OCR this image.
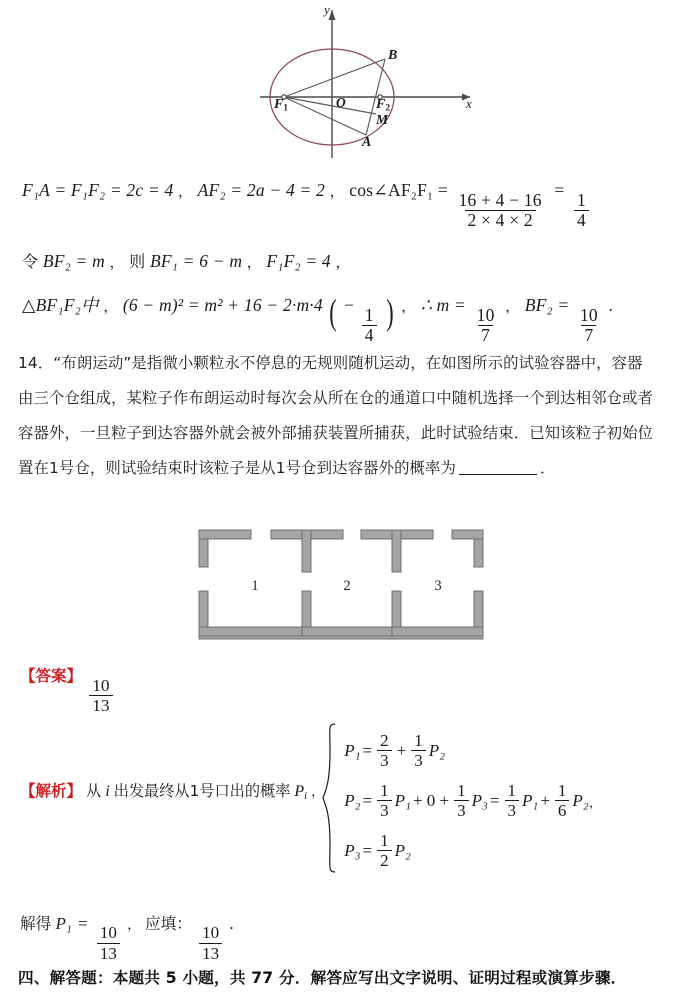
y
x
$F_1$	O $F_2$
B
M
A
F₁A = F₁F₂ = 2c = 4 ， AF₂ = 2a − 4 = 2 ， cos∠AF₂F₁ =
$\frac{16 + 4 - 16}{2 \times 4 \times 2}$
=
$\frac{1}{4}$
令 BF₂ = m ， 则 BF₁ = 6 − m ， F₁F₂ = 4 ，
△BF₁F₂中 ， (6 − m)² = m² + 16 − 2·m·4 ( −
$\frac{1}{4}$ ) ， ∴ m =
$\frac{10}{7}$
， BF₂ =
$\frac{10}{7}$
.
14．“布朗运动”是指微小颗粒永不停息的无规则随机运动，在如图所示的试验容器中，容器
由三个仓组成，某粒子作布朗运动时每次会从所在仓的通道口中随机选择一个到达相邻仓或者
容器外，一旦粒子到达容器外就会被外部捕获装置所捕获，此时试验结束．已知该粒子初始位
置在1号仓，则试验结束时该粒子是从1号仓到达容器外的概率为	．
1	2	3
【答案】
$\frac{10}{13}$
【解析】 从 i 出发最终从1号口出的概率 $P_i$ ，

$P_1 = \frac{2}{3} + \frac{1}{3} P_2$
$P_2 = \frac{1}{3} P_1 + 0 + \frac{1}{3} P_3 = \frac{1}{3} P_1 + \frac{1}{6} P_2$ ，
$P_3 = \frac{1}{2} P_2$
解得 P₁ =
$\frac{10}{13}$ ， 应填：
$\frac{10}{13}$
.
四、解答题：本题共 5 小题，共 77 分．解答应写出文字说明、证明过程或演算步骤．
